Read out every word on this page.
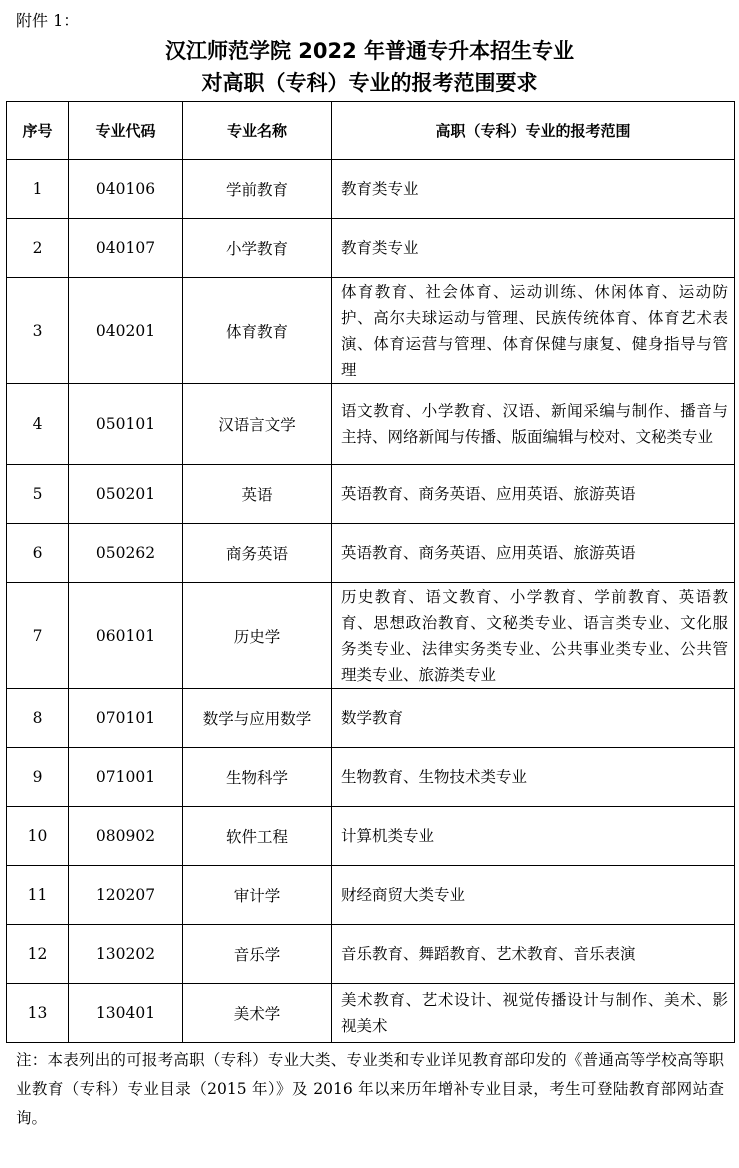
附件 1：
汉江师范学院 2022 年普通专升本招生专业
对高职（专科）专业的报考范围要求
序号	专业代码	专业名称	高职（专科）专业的报考范围
1	040106	学前教育	教育类专业
2	040107	小学教育	教育类专业
3	040201	体育教育	体育教育、社会体育、运动训练、休闲体育、运动防护、高尔夫球运动与管理、民族传统体育、体育艺术表演、体育运营与管理、体育保健与康复、健身指导与管理
4	050101	汉语言文学	语文教育、小学教育、汉语、新闻采编与制作、播音与主持、网络新闻与传播、版面编辑与校对、文秘类专业
5	050201	英语	英语教育、商务英语、应用英语、旅游英语
6	050262	商务英语	英语教育、商务英语、应用英语、旅游英语
7	060101	历史学	历史教育、语文教育、小学教育、学前教育、英语教育、思想政治教育、文秘类专业、语言类专业、文化服务类专业、法律实务类专业、公共事业类专业、公共管理类专业、旅游类专业
8	070101	数学与应用数学	数学教育
9	071001	生物科学	生物教育、生物技术类专业
10	080902	软件工程	计算机类专业
11	120207	审计学	财经商贸大类专业
12	130202	音乐学	音乐教育、舞蹈教育、艺术教育、音乐表演
13	130401	美术学	美术教育、艺术设计、视觉传播设计与制作、美术、影视美术
注：本表列出的可报考高职（专科）专业大类、专业类和专业详见教育部印发的《普通高等学校高等职业教育（专科）专业目录（2015 年）》及 2016 年以来历年增补专业目录，考生可登陆教育部网站查询。
